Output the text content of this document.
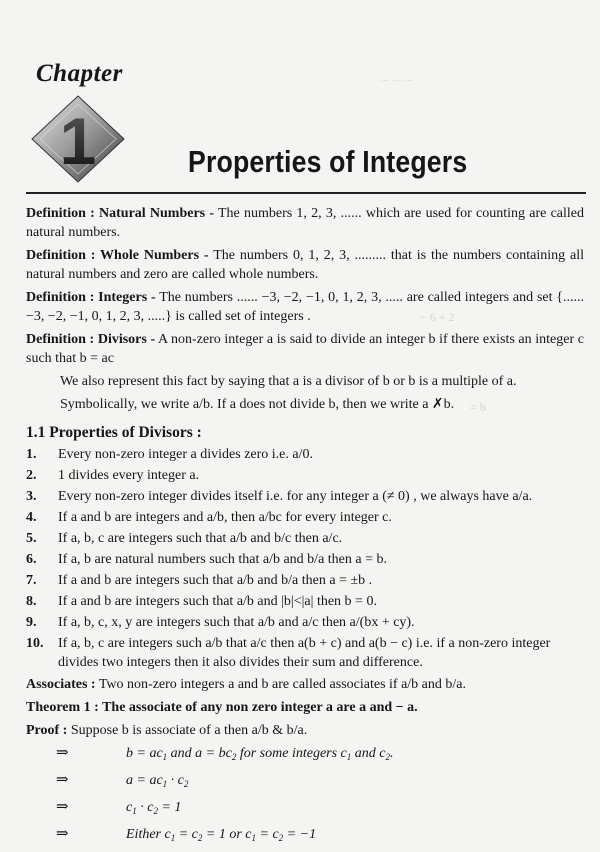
... ... ...
− 6 + 2
= b
Chapter
1	Properties of Integers

Definition : Natural Numbers - The numbers 1, 2, 3, ...... which are used for counting are called natural numbers.

Definition : Whole Numbers - The numbers 0, 1, 2, 3, ......... that is the numbers containing all natural numbers and zero are called whole numbers.

Definition : Integers - The numbers ...... −3, −2, −1, 0, 1, 2, 3, ..... are called integers and set {...... −3, −2, −1, 0, 1, 2, 3, .....} is called set of integers .

Definition : Divisors - A non-zero integer a is said to divide an integer b if there exists an integer c such that b = ac

We also represent this fact by saying that a is a divisor of b or b is a multiple of a.

Symbolically, we write a/b. If a does not divide b, then we write a ✗b.

1.1 Properties of Divisors :
1.	Every non-zero integer a divides zero i.e. a/0.
2.	1 divides every integer a.
3.	Every non-zero integer divides itself i.e. for any integer a (≠ 0) , we always have a/a.
4.	If a and b are integers and a/b, then a/bc for every integer c.
5.	If a, b, c are integers such that a/b and b/c then a/c.
6.	If a, b are natural numbers such that a/b and b/a then a = b.
7.	If a and b are integers such that a/b and b/a then a = ±b .
8.	If a and b are integers such that a/b and |b|<|a| then b = 0.
9.	If a, b, c, x, y are integers such that a/b and a/c then a/(bx + cy).
10.	If a, b, c are integers such a/b that a/c then a(b + c) and a(b − c) i.e. if a non-zero integer divides two integers then it also divides their sum and difference.

Associates : Two non-zero integers a and b are called associates if a/b and b/a.

Theorem 1 : The associate of any non zero integer a are a and − a.

Proof : Suppose b is associate of a then a/b & b/a.

⇒	$b = ac_1$ and $a = bc_2$ for some integers $c_1$ and $c_2$.
⇒	$a = ac_1 \cdot c_2$
⇒	$c_1 \cdot c_2 = 1$
⇒	Either $c_1 = c_2 = 1$ or $c_1 = c_2 = -1$
